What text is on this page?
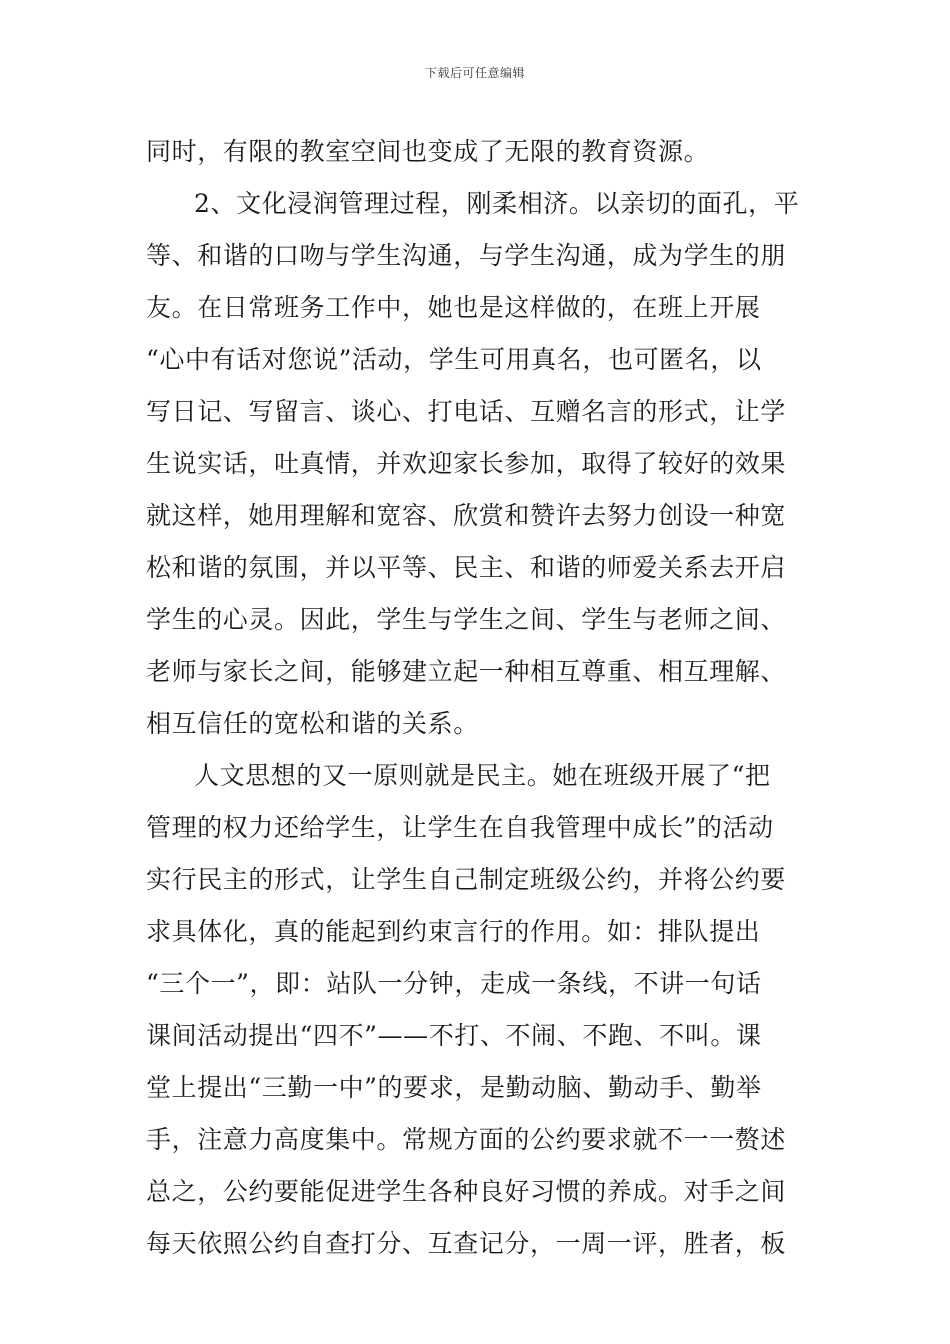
下载后可任意编辑
同时，有限的教室空间也变成了无限的教育资源。
2、文化浸润管理过程，刚柔相济。以亲切的面孔，平
等、和谐的口吻与学生沟通，与学生沟通，成为学生的朋
友。在日常班务工作中，她也是这样做的，在班上开展
“心中有话对您说”活动，学生可用真名，也可匿名，以
写日记、写留言、谈心、打电话、互赠名言的形式，让学
生说实话，吐真情，并欢迎家长参加，取得了较好的效果
就这样，她用理解和宽容、欣赏和赞许去努力创设一种宽
松和谐的氛围，并以平等、民主、和谐的师爱关系去开启
学生的心灵。因此，学生与学生之间、学生与老师之间、
老师与家长之间，能够建立起一种相互尊重、相互理解、
相互信任的宽松和谐的关系。
人文思想的又一原则就是民主。她在班级开展了“把
管理的权力还给学生，让学生在自我管理中成长”的活动
实行民主的形式，让学生自己制定班级公约，并将公约要
求具体化，真的能起到约束言行的作用。如：排队提出
“三个一”，即：站队一分钟，走成一条线，不讲一句话
课间活动提出“四不”——不打、不闹、不跑、不叫。课
堂上提出“三勤一中”的要求，是勤动脑、勤动手、勤举
手，注意力高度集中。常规方面的公约要求就不一一赘述
总之，公约要能促进学生各种良好习惯的养成。对手之间
每天依照公约自查打分、互查记分，一周一评，胜者，板
